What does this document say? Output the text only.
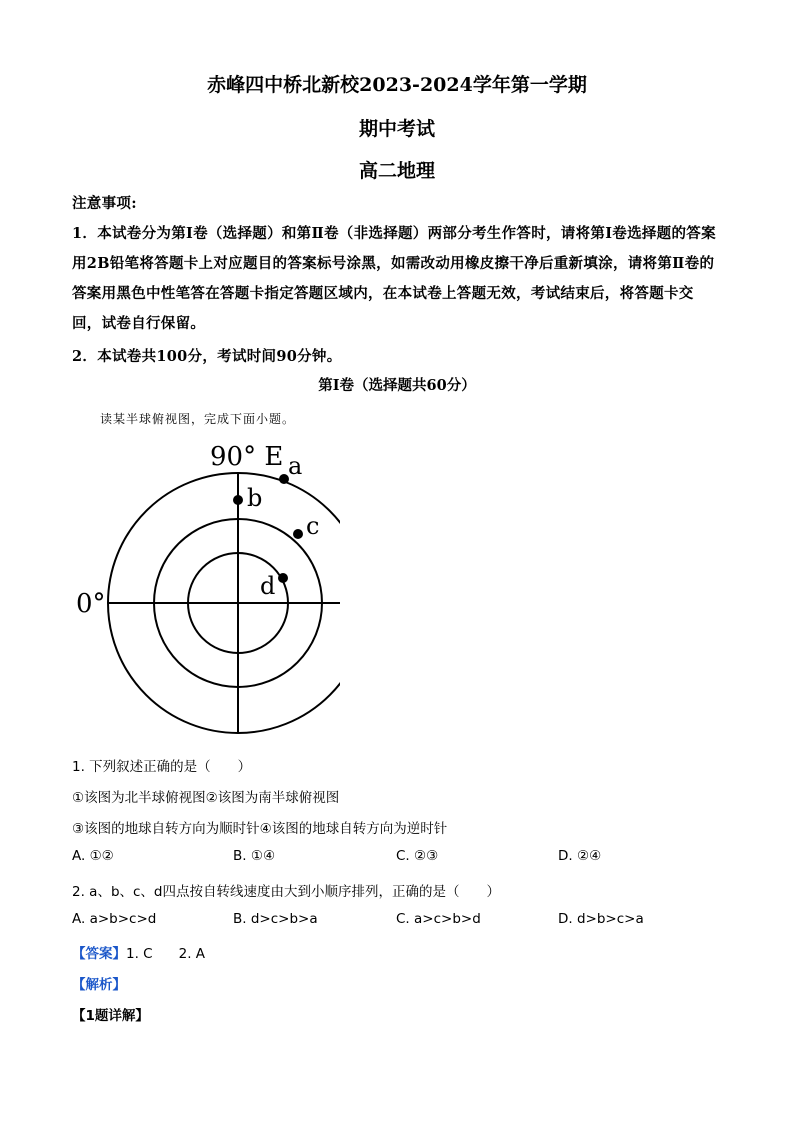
赤峰四中桥北新校2023-2024学年第一学期
期中考试
高二地理
注意事项:
1．本试卷分为第Ⅰ卷（选择题）和第Ⅱ卷（非选择题）两部分考生作答时，请将第Ⅰ卷选择题的答案用2B铅笔将答题卡上对应题目的答案标号涂黑，如需改动用橡皮擦干净后重新填涂，请将第Ⅱ卷的答案用黑色中性笔答在答题卡指定答题区域内，在本试卷上答题无效，考试结束后，将答题卡交回，试卷自行保留。
2．本试卷共100分，考试时间90分钟。
第Ⅰ卷（选择题共60分）
读某半球俯视图，完成下面小题。
90° E
0°
a
b
c
d
1. 下列叙述正确的是（　　）
①该图为北半球俯视图②该图为南半球俯视图
③该图的地球自转方向为顺时针④该图的地球自转方向为逆时针
A. ①②	B. ①④	C. ②③	D. ②④
2. a、b、c、d四点按自转线速度由大到小顺序排列，正确的是（　　）
A. a>b>c>d	B. d>c>b>a	C. a>c>b>d	D. d>b>c>a
【答案】1. C 2. A
【解析】
【1题详解】
